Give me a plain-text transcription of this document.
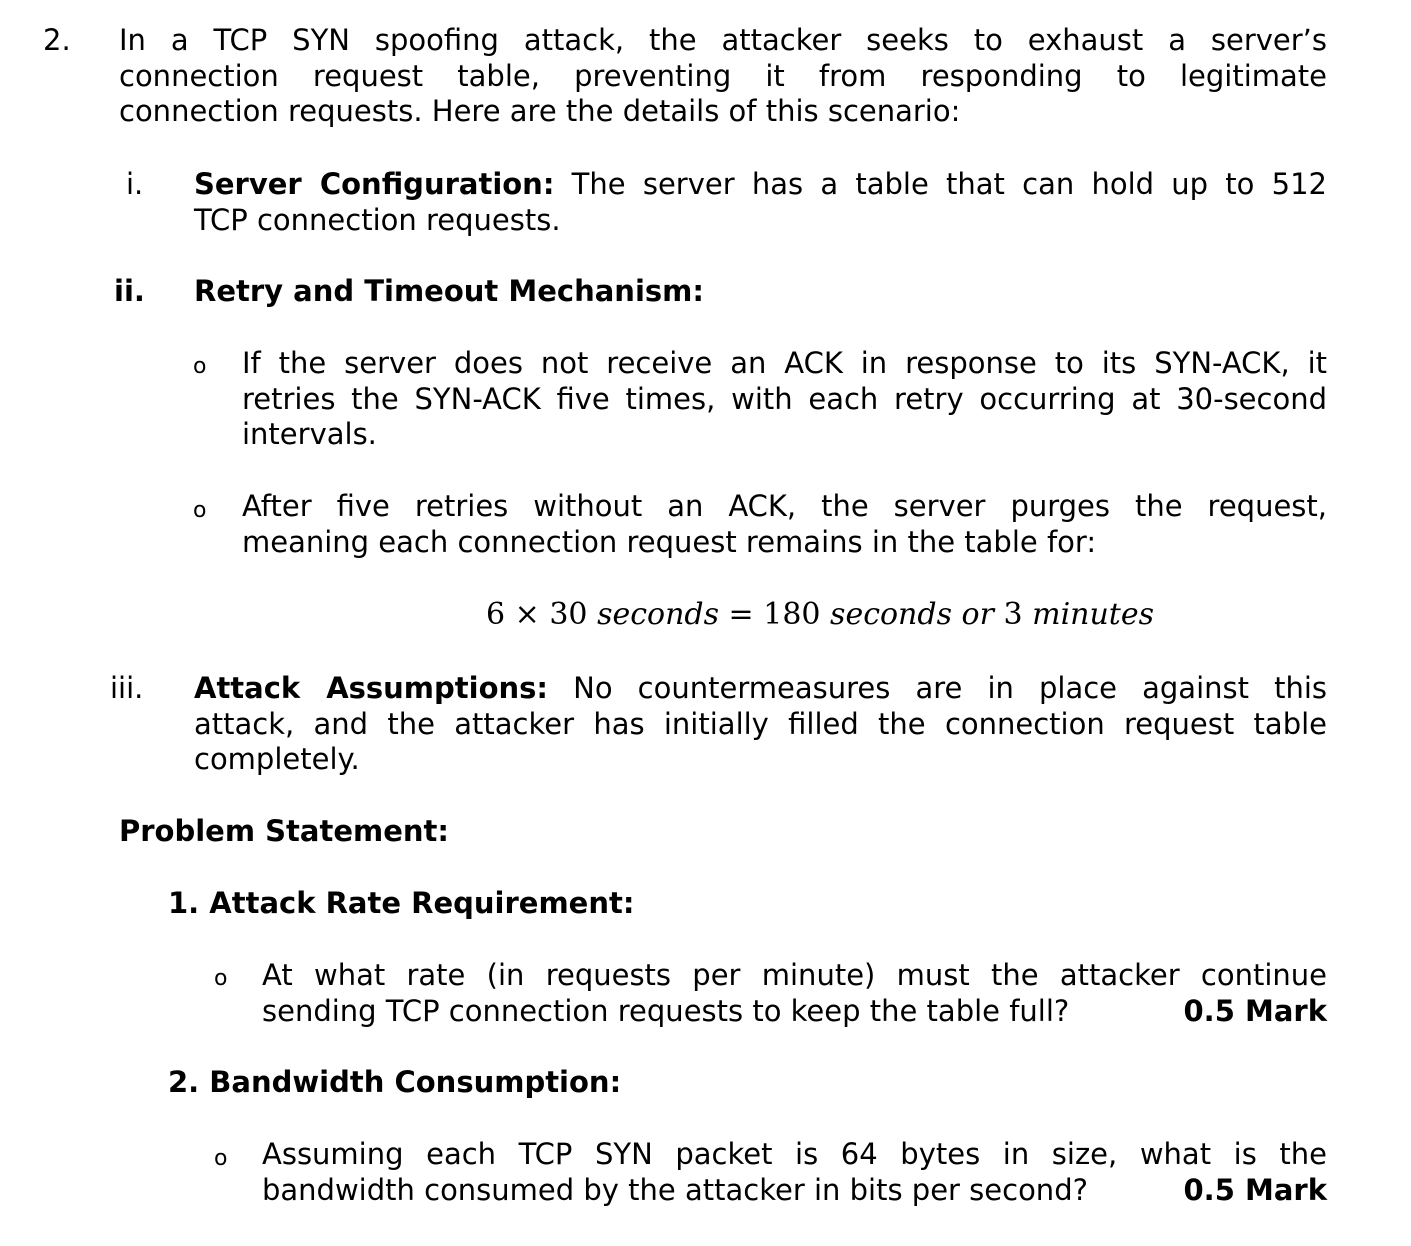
2. In a TCP SYN spoofing attack, the attacker seeks to exhaust a server’s
connection request table, preventing it from responding to legitimate
connection requests. Here are the details of this scenario:
i. Server Configuration: The server has a table that can hold up to 512
TCP connection requests.
ii. Retry and Timeout Mechanism:
o If the server does not receive an ACK in response to its SYN-ACK, it
retries the SYN-ACK five times, with each retry occurring at 30-second
intervals.
o After five retries without an ACK, the server purges the request,
meaning each connection request remains in the table for:
6 × 30 seconds = 180 seconds or 3 minutes
iii. Attack Assumptions: No countermeasures are in place against this
attack, and the attacker has initially filled the connection request table
completely.
Problem Statement:
1. Attack Rate Requirement:
o At what rate (in requests per minute) must the attacker continue
sending TCP connection requests to keep the table full?	0.5 Mark
2. Bandwidth Consumption:
o Assuming each TCP SYN packet is 64 bytes in size, what is the
bandwidth consumed by the attacker in bits per second?	0.5 Mark
